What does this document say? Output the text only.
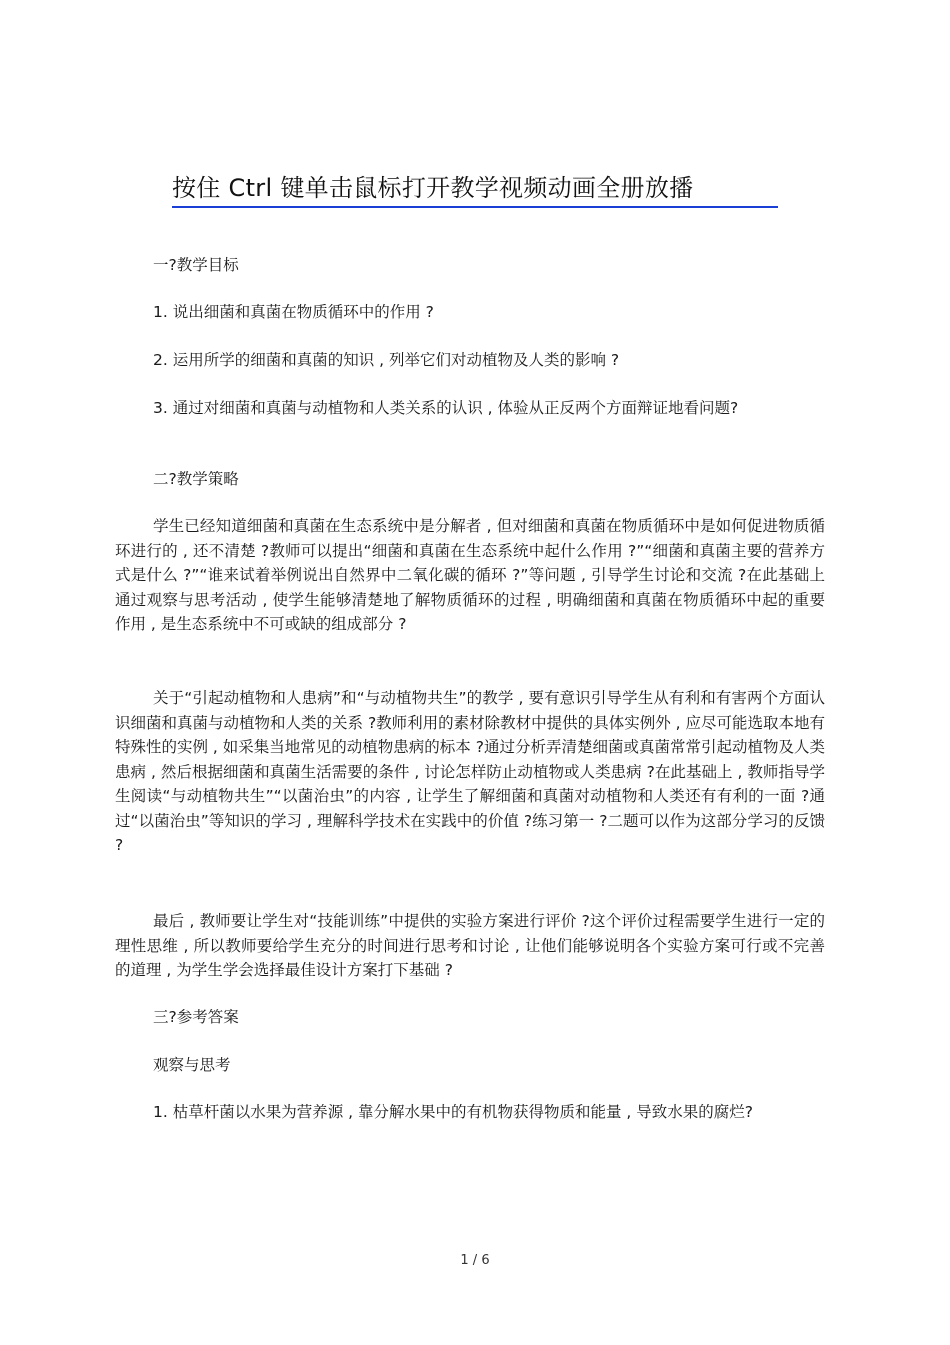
按住 Ctrl 键单击鼠标打开教学视频动画全册放播

一?教学目标

1. 说出细菌和真菌在物质循环中的作用 ?

2. 运用所学的细菌和真菌的知识 , 列举它们对动植物及人类的影响 ?

3. 通过对细菌和真菌与动植物和人类关系的认识 , 体验从正反两个方面辩证地看问题?

二?教学策略

学生已经知道细菌和真菌在生态系统中是分解者 , 但对细菌和真菌在物质循环中是如何促进物质循环进行的 , 还不清楚 ?教师可以提出“细菌和真菌在生态系统中起什么作用 ?”“细菌和真菌主要的营养方式是什么 ?”“谁来试着举例说出自然界中二氧化碳的循环 ?”等问题 , 引导学生讨论和交流 ?在此基础上通过观察与思考活动 , 使学生能够清楚地了解物质循环的过程 , 明确细菌和真菌在物质循环中起的重要作用 , 是生态系统中不可或缺的组成部分 ?

关于“引起动植物和人患病”和“与动植物共生”的教学 , 要有意识引导学生从有利和有害两个方面认识细菌和真菌与动植物和人类的关系 ?教师利用的素材除教材中提供的具体实例外 , 应尽可能选取本地有特殊性的实例 , 如采集当地常见的动植物患病的标本 ?通过分析弄清楚细菌或真菌常常引起动植物及人类患病 , 然后根据细菌和真菌生活需要的条件 , 讨论怎样防止动植物或人类患病 ?在此基础上 , 教师指导学生阅读“与动植物共生”“以菌治虫”的内容 , 让学生了解细菌和真菌对动植物和人类还有有利的一面 ?通过“以菌治虫”等知识的学习 , 理解科学技术在实践中的价值 ?练习第一 ?二题可以作为这部分学习的反馈 ?

最后 , 教师要让学生对“技能训练”中提供的实验方案进行评价 ?这个评价过程需要学生进行一定的理性思维 , 所以教师要给学生充分的时间进行思考和讨论 , 让他们能够说明各个实验方案可行或不完善的道理 , 为学生学会选择最佳设计方案打下基础 ?

三?参考答案

观察与思考

1. 枯草杆菌以水果为营养源 , 靠分解水果中的有机物获得物质和能量 , 导致水果的腐烂?

1 / 6
